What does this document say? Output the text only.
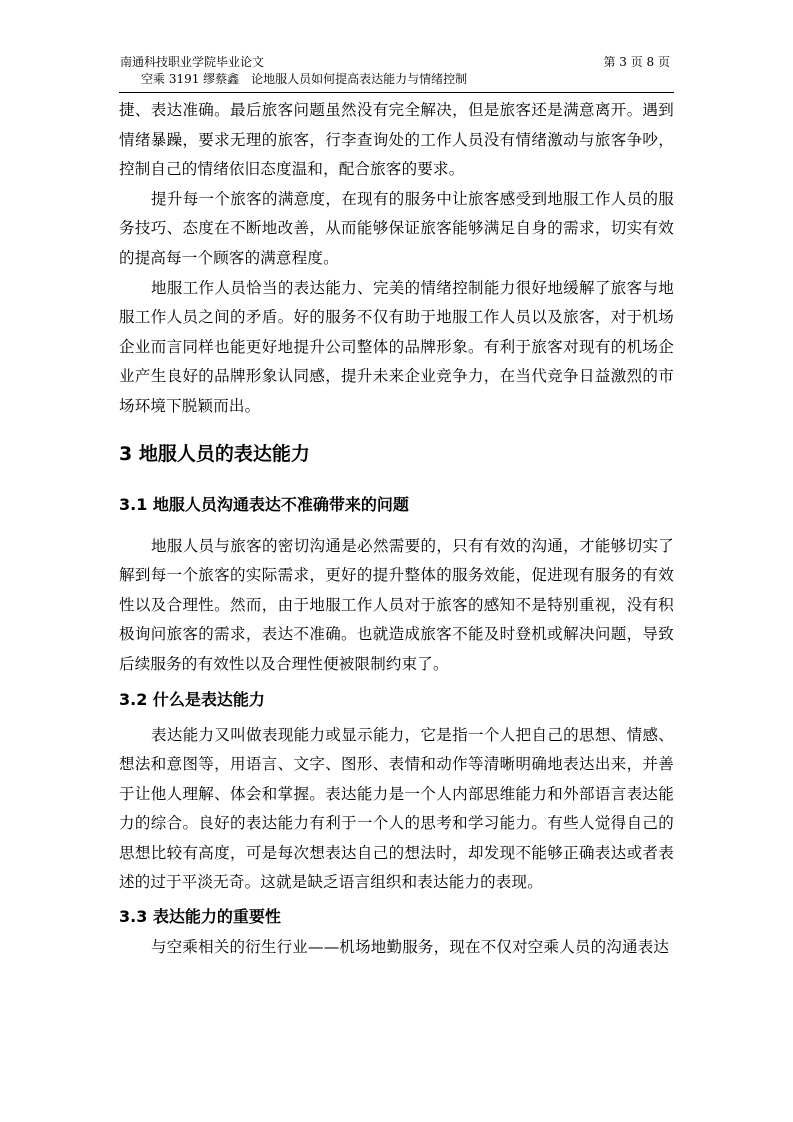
南通科技职业学院毕业论文
空乘 3191 缪蔡鑫　论地服人员如何提高表达能力与情绪控制
第 3 页 8 页

捷、表达准确。最后旅客问题虽然没有完全解决，但是旅客还是满意离开。遇到情绪暴躁，要求无理的旅客，行李查询处的工作人员没有情绪激动与旅客争吵，控制自己的情绪依旧态度温和，配合旅客的要求。

提升每一个旅客的满意度，在现有的服务中让旅客感受到地服工作人员的服务技巧、态度在不断地改善，从而能够保证旅客能够满足自身的需求，切实有效的提高每一个顾客的满意程度。

地服工作人员恰当的表达能力、完美的情绪控制能力很好地缓解了旅客与地服工作人员之间的矛盾。好的服务不仅有助于地服工作人员以及旅客，对于机场企业而言同样也能更好地提升公司整体的品牌形象。有利于旅客对现有的机场企业产生良好的品牌形象认同感，提升未来企业竞争力，在当代竞争日益激烈的市场环境下脱颖而出。

3 地服人员的表达能力
3.1 地服人员沟通表达不准确带来的问题

地服人员与旅客的密切沟通是必然需要的，只有有效的沟通，才能够切实了解到每一个旅客的实际需求，更好的提升整体的服务效能，促进现有服务的有效性以及合理性。然而，由于地服工作人员对于旅客的感知不是特别重视，没有积极询问旅客的需求，表达不准确。也就造成旅客不能及时登机或解决问题，导致后续服务的有效性以及合理性便被限制约束了。

3.2 什么是表达能力

表达能力又叫做表现能力或显示能力，它是指一个人把自己的思想、情感、想法和意图等，用语言、文字、图形、表情和动作等清晰明确地表达出来，并善于让他人理解、体会和掌握。表达能力是一个人内部思维能力和外部语言表达能力的综合。良好的表达能力有利于一个人的思考和学习能力。有些人觉得自己的思想比较有高度，可是每次想表达自己的想法时，却发现不能够正确表达或者表述的过于平淡无奇。这就是缺乏语言组织和表达能力的表现。

3.3 表达能力的重要性

与空乘相关的衍生行业——机场地勤服务，现在不仅对空乘人员的沟通表达
